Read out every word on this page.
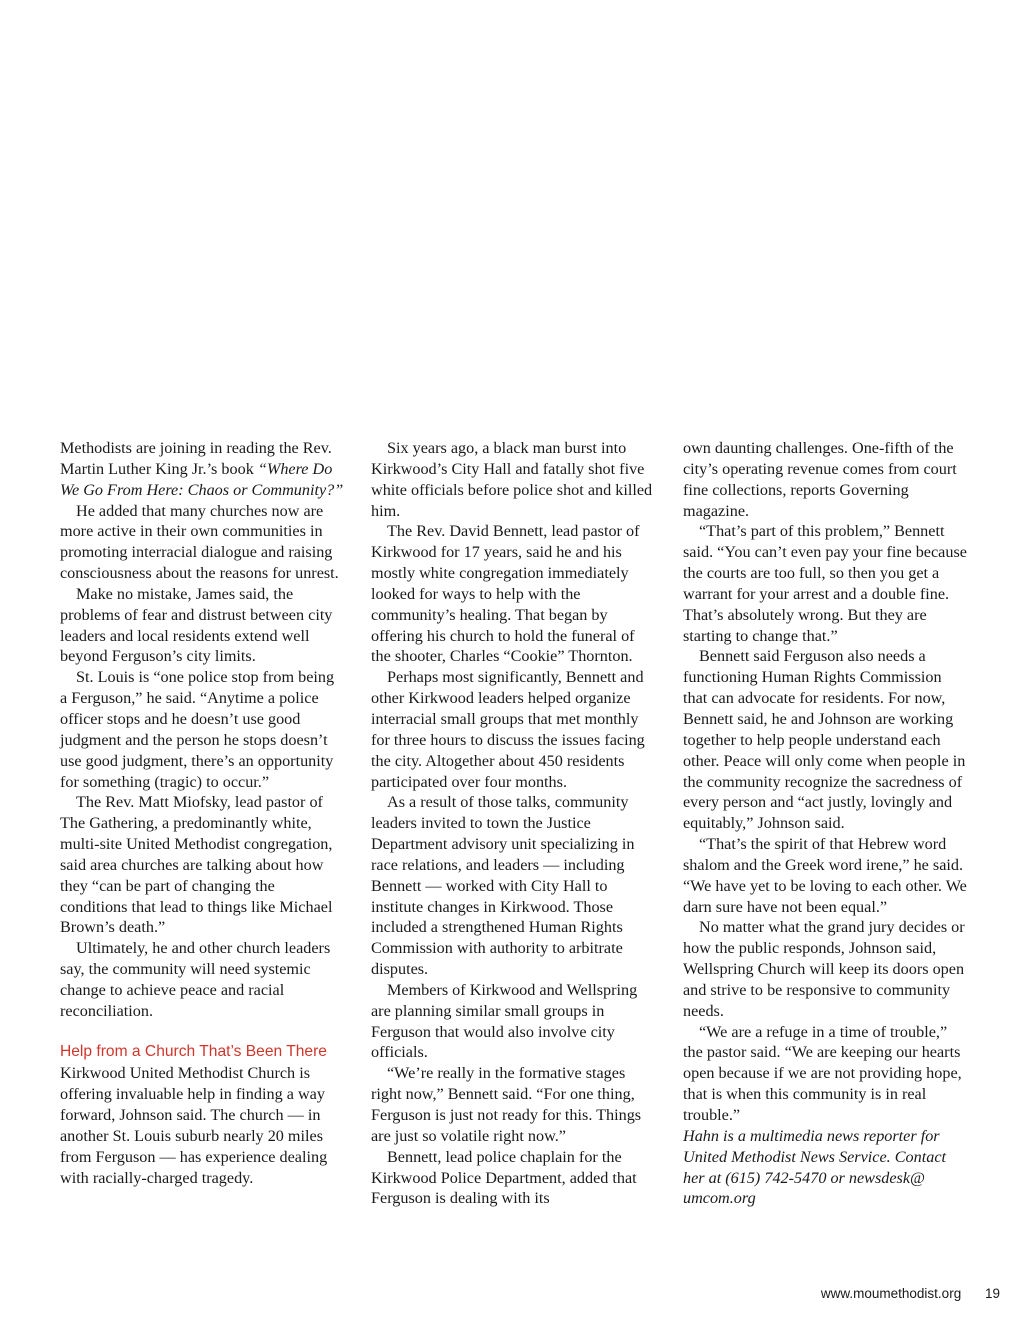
Methodists are joining in reading the Rev. Martin Luther King Jr.’s book “Where Do We Go From Here: Chaos or Community?”

He added that many churches now are more active in their own communities in promoting interracial dialogue and raising consciousness about the reasons for unrest.

Make no mistake, James said, the problems of fear and distrust between city leaders and local residents extend well beyond Ferguson’s city limits.

St. Louis is “one police stop from being a Ferguson,” he said. “Anytime a police officer stops and he doesn’t use good judgment and the person he stops doesn’t use good judgment, there’s an opportunity for something (tragic) to occur.”

The Rev. Matt Miofsky, lead pastor of The Gathering, a predominantly white, multi-site United Methodist congregation, said area churches are talking about how they “can be part of changing the conditions that lead to things like Michael Brown’s death.”

Ultimately, he and other church leaders say, the community will need systemic change to achieve peace and racial reconciliation.

Help from a Church That’s Been There

Kirkwood United Methodist Church is offering invaluable help in finding a way forward, Johnson said. The church — in another St. Louis suburb nearly 20 miles from Ferguson — has experience dealing with racially-charged tragedy.

Six years ago, a black man burst into Kirkwood’s City Hall and fatally shot five white officials before police shot and killed him.

The Rev. David Bennett, lead pastor of Kirkwood for 17 years, said he and his mostly white congregation immediately looked for ways to help with the community’s healing. That began by offering his church to hold the funeral of the shooter, Charles “Cookie” Thornton.

Perhaps most significantly, Bennett and other Kirkwood leaders helped organize interracial small groups that met monthly for three hours to discuss the issues facing the city. Altogether about 450 residents participated over four months.

As a result of those talks, community leaders invited to town the Justice Department advisory unit specializing in race relations, and leaders — including Bennett — worked with City Hall to institute changes in Kirkwood. Those included a strengthened Human Rights Commission with authority to arbitrate disputes.

Members of Kirkwood and Wellspring are planning similar small groups in Ferguson that would also involve city officials.

“We’re really in the formative stages right now,” Bennett said. “For one thing, Ferguson is just not ready for this. Things are just so volatile right now.”

Bennett, lead police chaplain for the Kirkwood Police Department, added that Ferguson is dealing with its

own daunting challenges. One-fifth of the city’s operating revenue comes from court fine collections, reports Governing magazine.

“That’s part of this problem,” Bennett said. “You can’t even pay your fine because the courts are too full, so then you get a warrant for your arrest and a double fine. That’s absolutely wrong. But they are starting to change that.”

Bennett said Ferguson also needs a functioning Human Rights Commission that can advocate for residents. For now, Bennett said, he and Johnson are working together to help people understand each other. Peace will only come when people in the community recognize the sacredness of every person and “act justly, lovingly and equitably,” Johnson said.

“That’s the spirit of that Hebrew word shalom and the Greek word irene,” he said. “We have yet to be loving to each other. We darn sure have not been equal.”

No matter what the grand jury decides or how the public responds, Johnson said, Wellspring Church will keep its doors open and strive to be responsive to community needs.

“We are a refuge in a time of trouble,” the pastor said. “We are keeping our hearts open because if we are not providing hope, that is when this community is in real trouble.”

Hahn is a multimedia news reporter for United Methodist News Service. Contact her at (615) 742-5470 or newsdesk@ umcom.org

www.moumethodist.org 19
